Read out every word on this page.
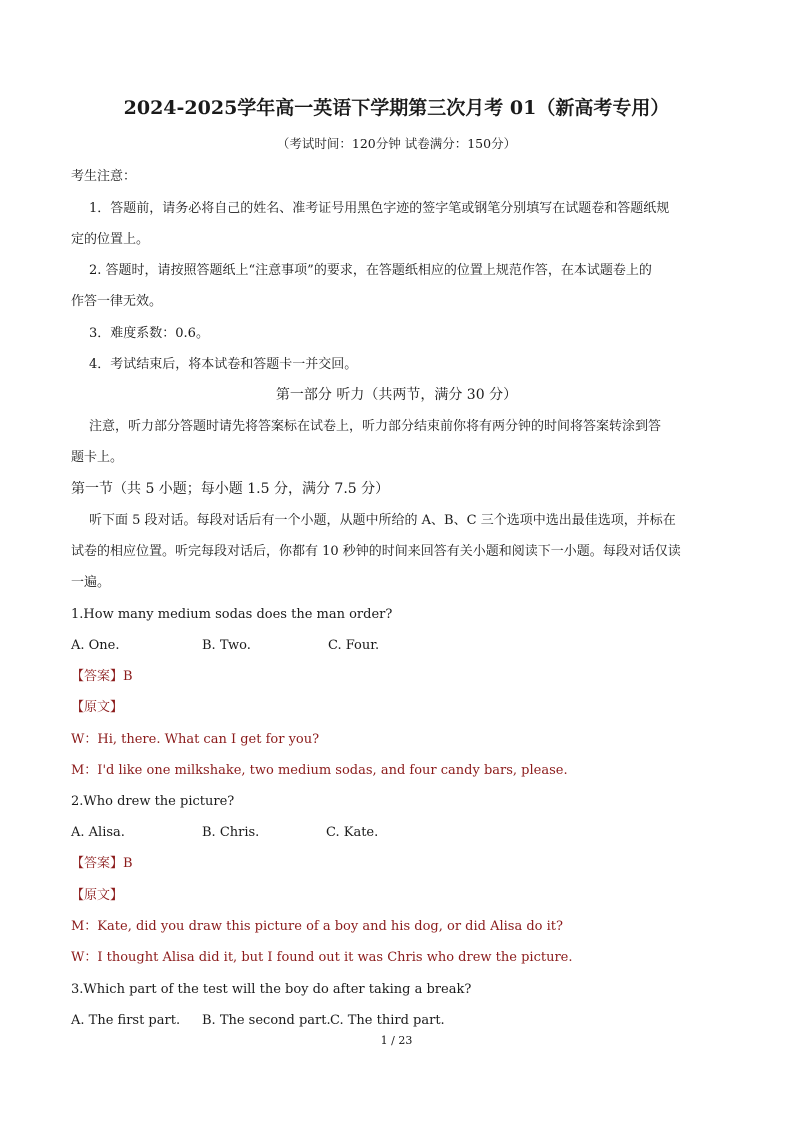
2024-2025学年高一英语下学期第三次月考 01（新高考专用）
（考试时间：120分钟 试卷满分：150分）
考生注意：
1．答题前，请务必将自己的姓名、准考证号用黑色字迹的签字笔或钢笔分别填写在试题卷和答题纸规
定的位置上。
2. 答题时，请按照答题纸上“注意事项”的要求，在答题纸相应的位置上规范作答，在本试题卷上的
作答一律无效。
3．难度系数：0.6。
4．考试结束后，将本试卷和答题卡一并交回。
第一部分 听力（共两节，满分 30 分）
注意，听力部分答题时请先将答案标在试卷上，听力部分结束前你将有两分钟的时间将答案转涂到答
题卡上。
第一节（共 5 小题；每小题 1.5 分，满分 7.5 分）
听下面 5 段对话。每段对话后有一个小题，从题中所给的 A、B、C 三个选项中选出最佳选项，并标在
试卷的相应位置。听完每段对话后，你都有 10 秒钟的时间来回答有关小题和阅读下一小题。每段对话仅读
一遍。
1.How many medium sodas does the man order?
A. One.	B. Two.	C. Four.
【答案】B
【原文】
W：Hi, there. What can I get for you?
M：I'd like one milkshake, two medium sodas, and four candy bars, please.
2.Who drew the picture?
A. Alisa.	B. Chris.	C. Kate.
【答案】B
【原文】
M：Kate, did you draw this picture of a boy and his dog, or did Alisa do it?
W：I thought Alisa did it, but I found out it was Chris who drew the picture.
3.Which part of the test will the boy do after taking a break?
A. The first part. B. The second part. C. The third part.
1 / 23
